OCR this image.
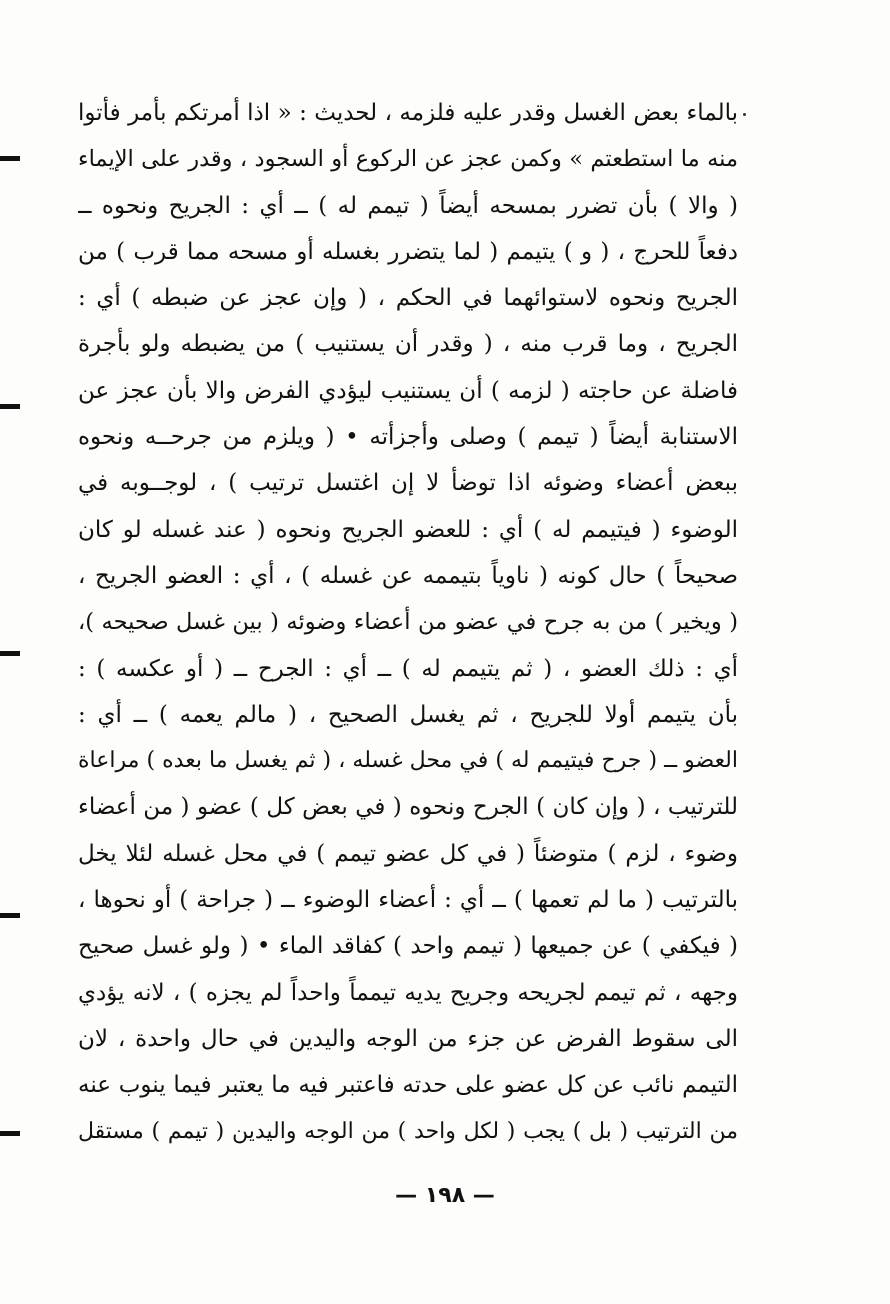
بالماء بعض الغسل وقدر عليه فلزمه ، لحديث : « اذا أمرتكم بأمر فأتوا
منه ما استطعتم » وكمن عجز عن الركوع أو السجود ، وقدر على الإيماء
( والا ) بأن تضرر بمسحه أيضاً ( تيمم له ) ــ أي : الجريح ونحوه ــ
دفعاً للحرج ، ( و ) يتيمم ( لما يتضرر بغسله أو مسحه مما قرب ) من
الجريح ونحوه لاستوائهما في الحكم ، ( وإن عجز عن ضبطه ) أي :
الجريح ، وما قرب منه ، ( وقدر أن يستنيب ) من يضبطه ولو بأجرة
فاضلة عن حاجته ( لزمه ) أن يستنيب ليؤدي الفرض والا بأن عجز عن
الاستنابة أيضاً ( تيمم ) وصلى وأجزأته • ( ويلزم من جرحــه ونحوه
ببعض أعضاء وضوئه اذا توضأ لا إن اغتسل ترتيب ) ، لوجــوبه في
الوضوء ( فيتيمم له ) أي : للعضو الجريح ونحوه ( عند غسله لو كان
صحيحاً ) حال كونه ( ناوياً بتيممه عن غسله ) ، أي : العضو الجريح ،
( ويخير ) من به جرح في عضو من أعضاء وضوئه ( بين غسل صحيحه )،
أي : ذلك العضو ، ( ثم يتيمم له ) ــ أي : الجرح ــ ( أو عكسه ) :
بأن يتيمم أولا للجريح ، ثم يغسل الصحيح ، ( مالم يعمه ) ــ أي :
العضو ــ ( جرح فيتيمم له ) في محل غسله ، ( ثم يغسل ما بعده ) مراعاة
للترتيب ، ( وإن كان ) الجرح ونحوه ( في بعض كل ) عضو ( من أعضاء
وضوء ، لزم ) متوضئاً ( في كل عضو تيمم ) في محل غسله لئلا يخل
بالترتيب ( ما لم تعمها ) ــ أي : أعضاء الوضوء ــ ( جراحة ) أو نحوها ،
( فيكفي ) عن جميعها ( تيمم واحد ) كفاقد الماء • ( ولو غسل صحيح
وجهه ، ثم تيمم لجريحه وجريح يديه تيمماً واحداً لم يجزه ) ، لانه يؤدي
الى سقوط الفرض عن جزء من الوجه واليدين في حال واحدة ، لان
التيمم نائب عن كل عضو على حدته فاعتبر فيه ما يعتبر فيما ينوب عنه
من الترتيب ( بل ) يجب ( لكل واحد ) من الوجه واليدين ( تيمم ) مستقل
— ١٩٨ —
